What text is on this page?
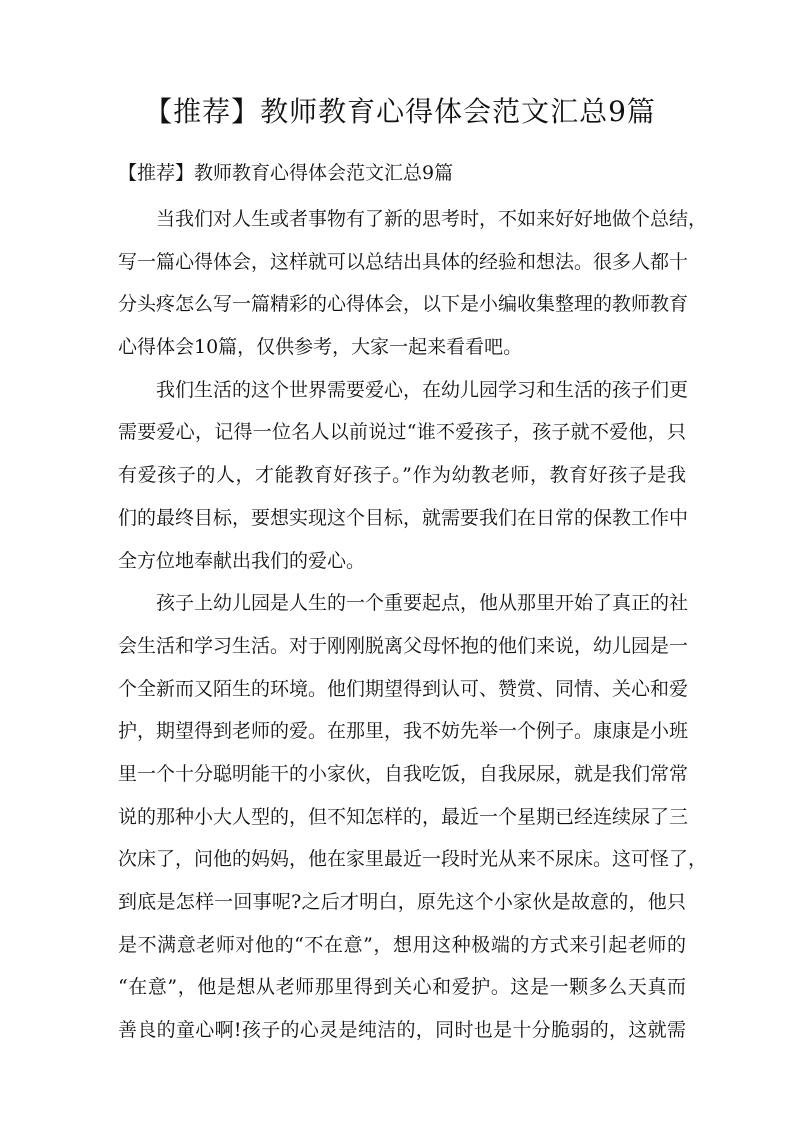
【推荐】教师教育心得体会范文汇总9篇

【推荐】教师教育心得体会范文汇总9篇

当我们对人生或者事物有了新的思考时，不如来好好地做个总结，
写一篇心得体会，这样就可以总结出具体的经验和想法。很多人都十
分头疼怎么写一篇精彩的心得体会，以下是小编收集整理的教师教育
心得体会10篇，仅供参考，大家一起来看看吧。
我们生活的这个世界需要爱心，在幼儿园学习和生活的孩子们更
需要爱心，记得一位名人以前说过“谁不爱孩子，孩子就不爱他，只
有爱孩子的人，才能教育好孩子。”作为幼教老师，教育好孩子是我
们的最终目标，要想实现这个目标，就需要我们在日常的保教工作中
全方位地奉献出我们的爱心。
孩子上幼儿园是人生的一个重要起点，他从那里开始了真正的社
会生活和学习生活。对于刚刚脱离父母怀抱的他们来说，幼儿园是一
个全新而又陌生的环境。他们期望得到认可、赞赏、同情、关心和爱
护，期望得到老师的爱。在那里，我不妨先举一个例子。康康是小班
里一个十分聪明能干的小家伙，自我吃饭，自我尿尿，就是我们常常
说的那种小大人型的，但不知怎样的，最近一个星期已经连续尿了三
次床了，问他的妈妈，他在家里最近一段时光从来不尿床。这可怪了，
到底是怎样一回事呢?之后才明白，原先这个小家伙是故意的，他只
是不满意老师对他的“不在意”，想用这种极端的方式来引起老师的
“在意”，他是想从老师那里得到关心和爱护。这是一颗多么天真而
善良的童心啊!孩子的心灵是纯洁的，同时也是十分脆弱的，这就需
